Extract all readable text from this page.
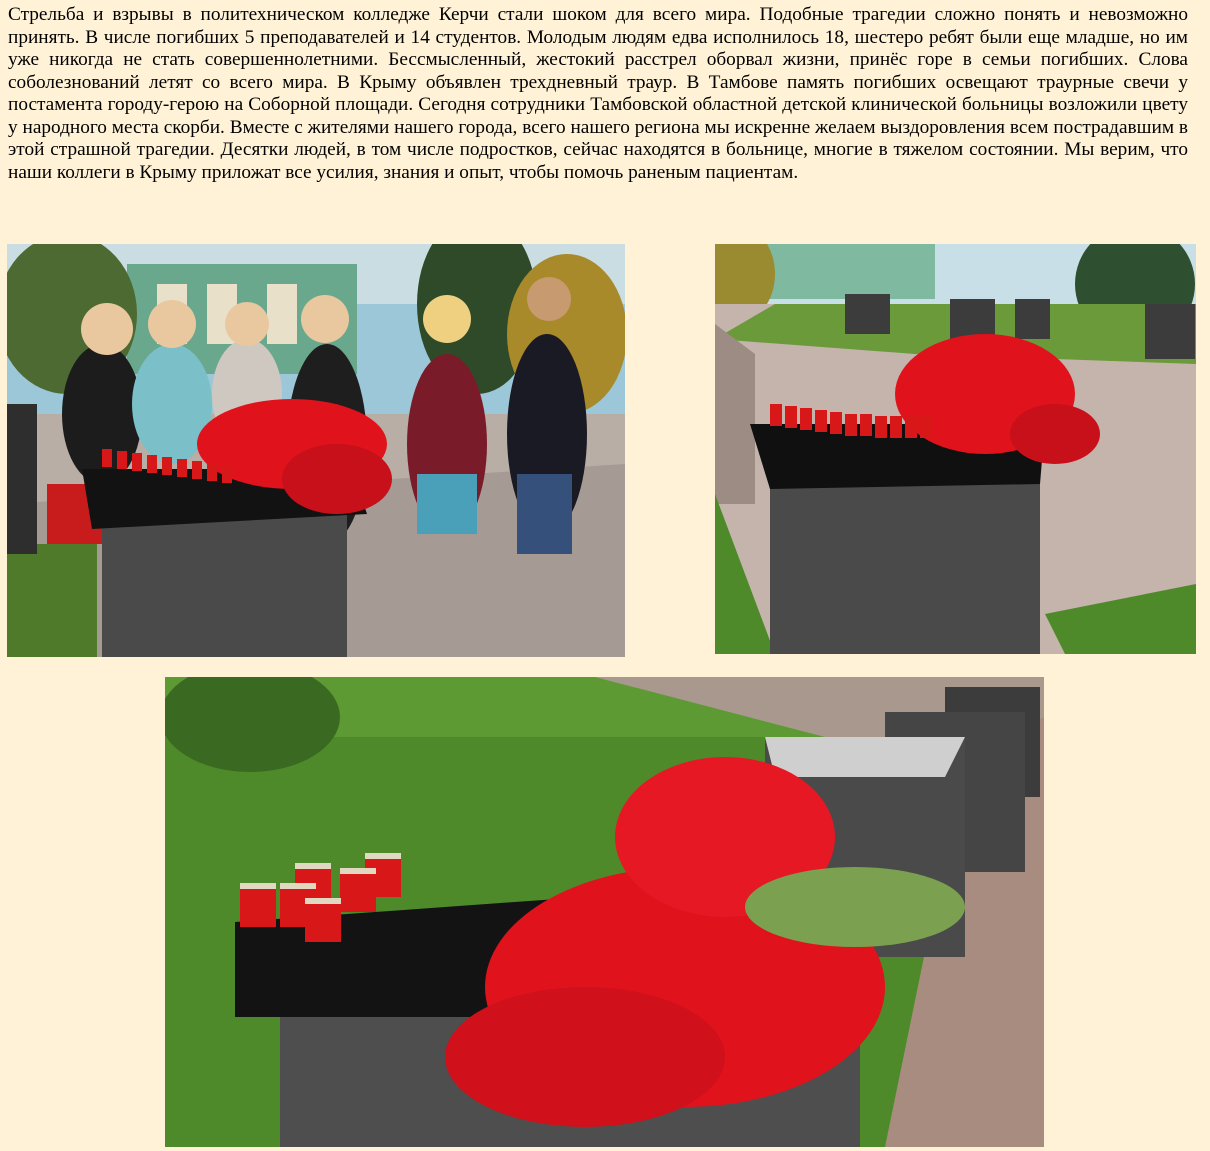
Стрельба и взрывы в политехническом колледже Керчи стали шоком для всего мира. Подобные трагедии сложно понять и невозможно принять. В числе погибших 5 преподавателей и 14 студентов. Молодым людям едва исполнилось 18, шестеро ребят были еще младше, но им уже никогда не стать совершеннолетними. Бессмысленный, жестокий расстрел оборвал жизни, принёс горе в семьи погибших. Слова соболезнований летят со всего мира. В Крыму объявлен трехдневный траур. В Тамбове память погибших освещают траурные свечи у постамента городу-герою на Соборной площади. Сегодня сотрудники Тамбовской областной детской клинической больницы возложили цвету у народного места скорби. Вместе с жителями нашего города, всего нашего региона мы искренне желаем выздоровления всем пострадавшим в этой страшной трагедии. Десятки людей, в том числе подростков, сейчас находятся в больнице, многие в тяжелом состоянии. Мы верим, что наши коллеги в Крыму приложат все усилия, знания и опыт, чтобы помочь раненым пациентам.
